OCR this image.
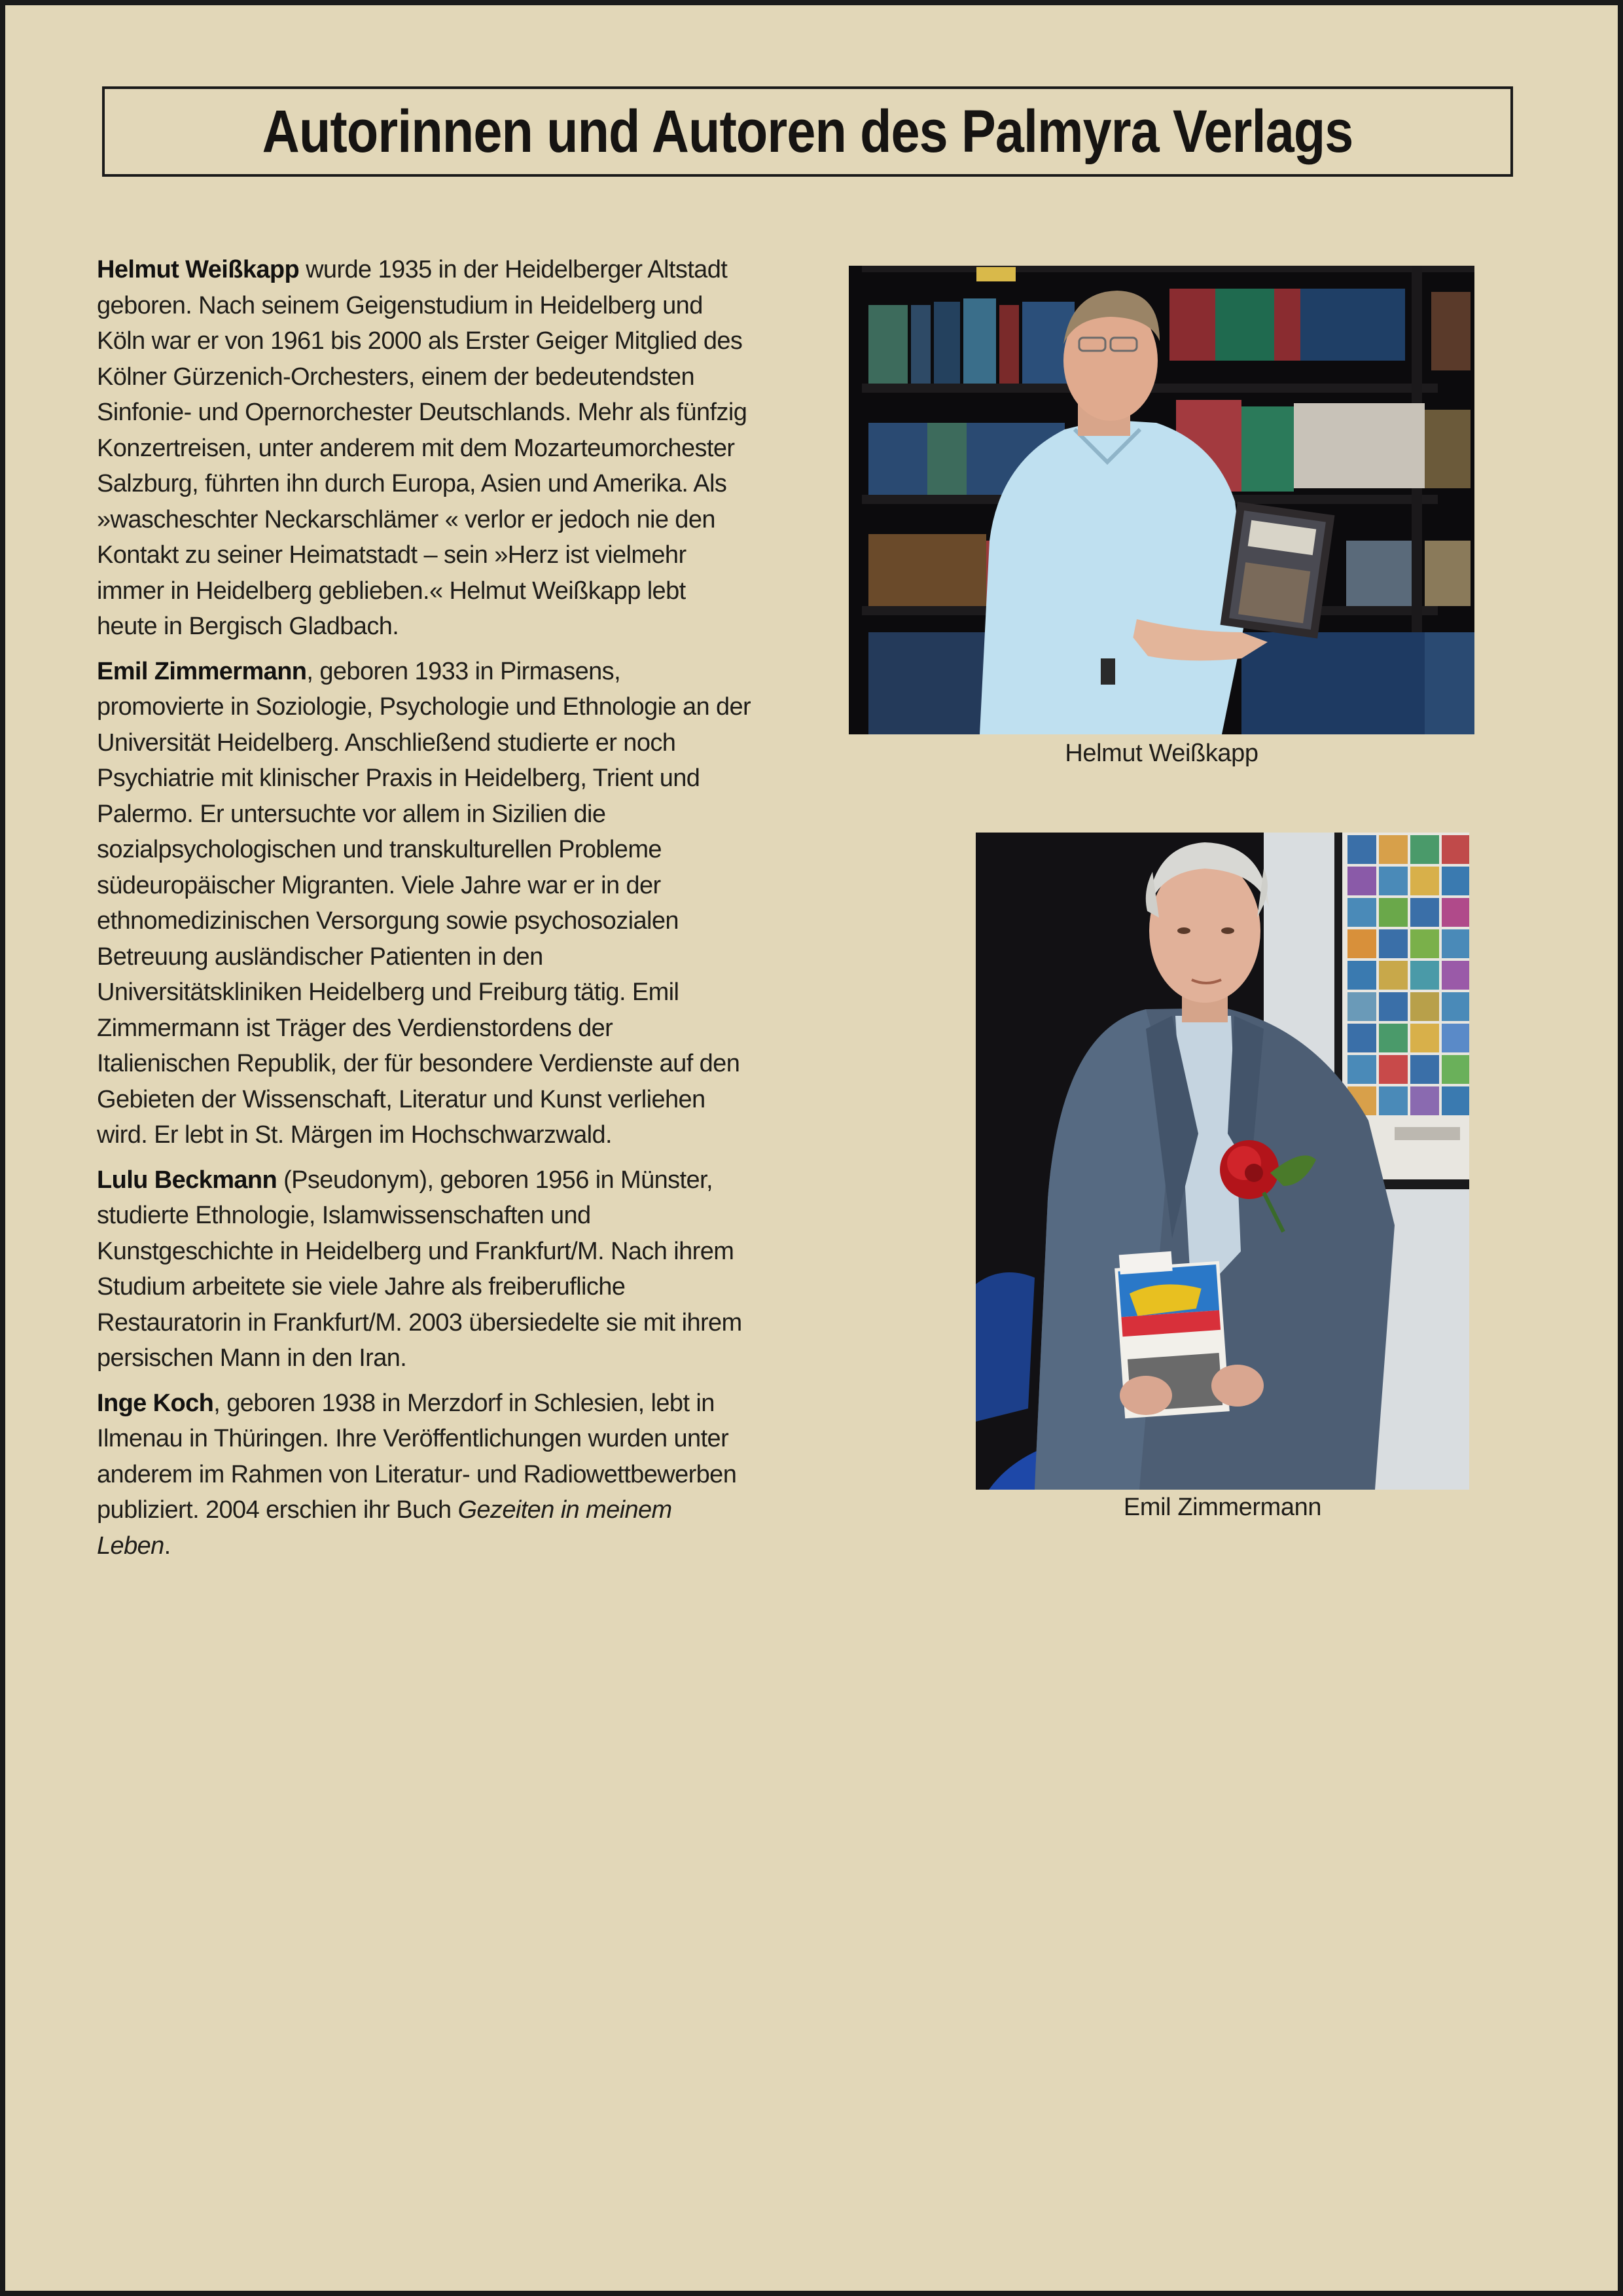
Autorinnen und Autoren des Palmyra Verlags

Helmut Weißkapp wurde 1935 in der Heidelberger Altstadt geboren. Nach seinem Geigenstudium in Heidelberg und Köln war er von 1961 bis 2000 als Erster Geiger Mitglied des Kölner Gürzenich-Orchesters, einem der bedeutendsten Sinfonie- und Opernorchester Deutschlands. Mehr als fünfzig Konzertreisen, unter anderem mit dem Mozarteumorchester Salzburg, führten ihn durch Europa, Asien und Amerika. Als »wascheschter Neckarschlämer « verlor er jedoch nie den Kontakt zu seiner Heimatstadt – sein »Herz ist vielmehr immer in Heidelberg geblieben.« Helmut Weißkapp lebt heute in Bergisch Gladbach.

Emil Zimmermann, geboren 1933 in Pirmasens, promovierte in Soziologie, Psychologie und Ethnologie an der Universität Heidelberg. Anschließend studierte er noch Psychiatrie mit klinischer Praxis in Heidelberg, Trient und Palermo. Er untersuchte vor allem in Sizilien die sozialpsychologischen und transkulturellen Probleme südeuropäischer Migranten. Viele Jahre war er in der ethnomedizinischen Versorgung sowie psychosozialen Betreuung ausländischer Patienten in den Universitätskliniken Heidelberg und Freiburg tätig. Emil Zimmermann ist Träger des Verdienstordens der Italienischen Republik, der für besondere Verdienste auf den Gebieten der Wissenschaft, Literatur und Kunst verliehen wird. Er lebt in St. Märgen im Hochschwarzwald.

Lulu Beckmann (Pseudonym), geboren 1956 in Münster, studierte Ethnologie, Islamwissenschaften und Kunstgeschichte in Heidelberg und Frankfurt/M. Nach ihrem Studium arbeitete sie viele Jahre als freiberufliche Restauratorin in Frankfurt/M. 2003 übersiedelte sie mit ihrem persischen Mann in den Iran.

Inge Koch, geboren 1938 in Merzdorf in Schlesien, lebt in Ilmenau in Thüringen. Ihre Veröffentlichungen wurden unter anderem im Rahmen von Literatur- und Radiowettbewerben publiziert. 2004 erschien ihr Buch Gezeiten in meinem Leben.

Helmut Weißkapp
Emil Zimmermann
